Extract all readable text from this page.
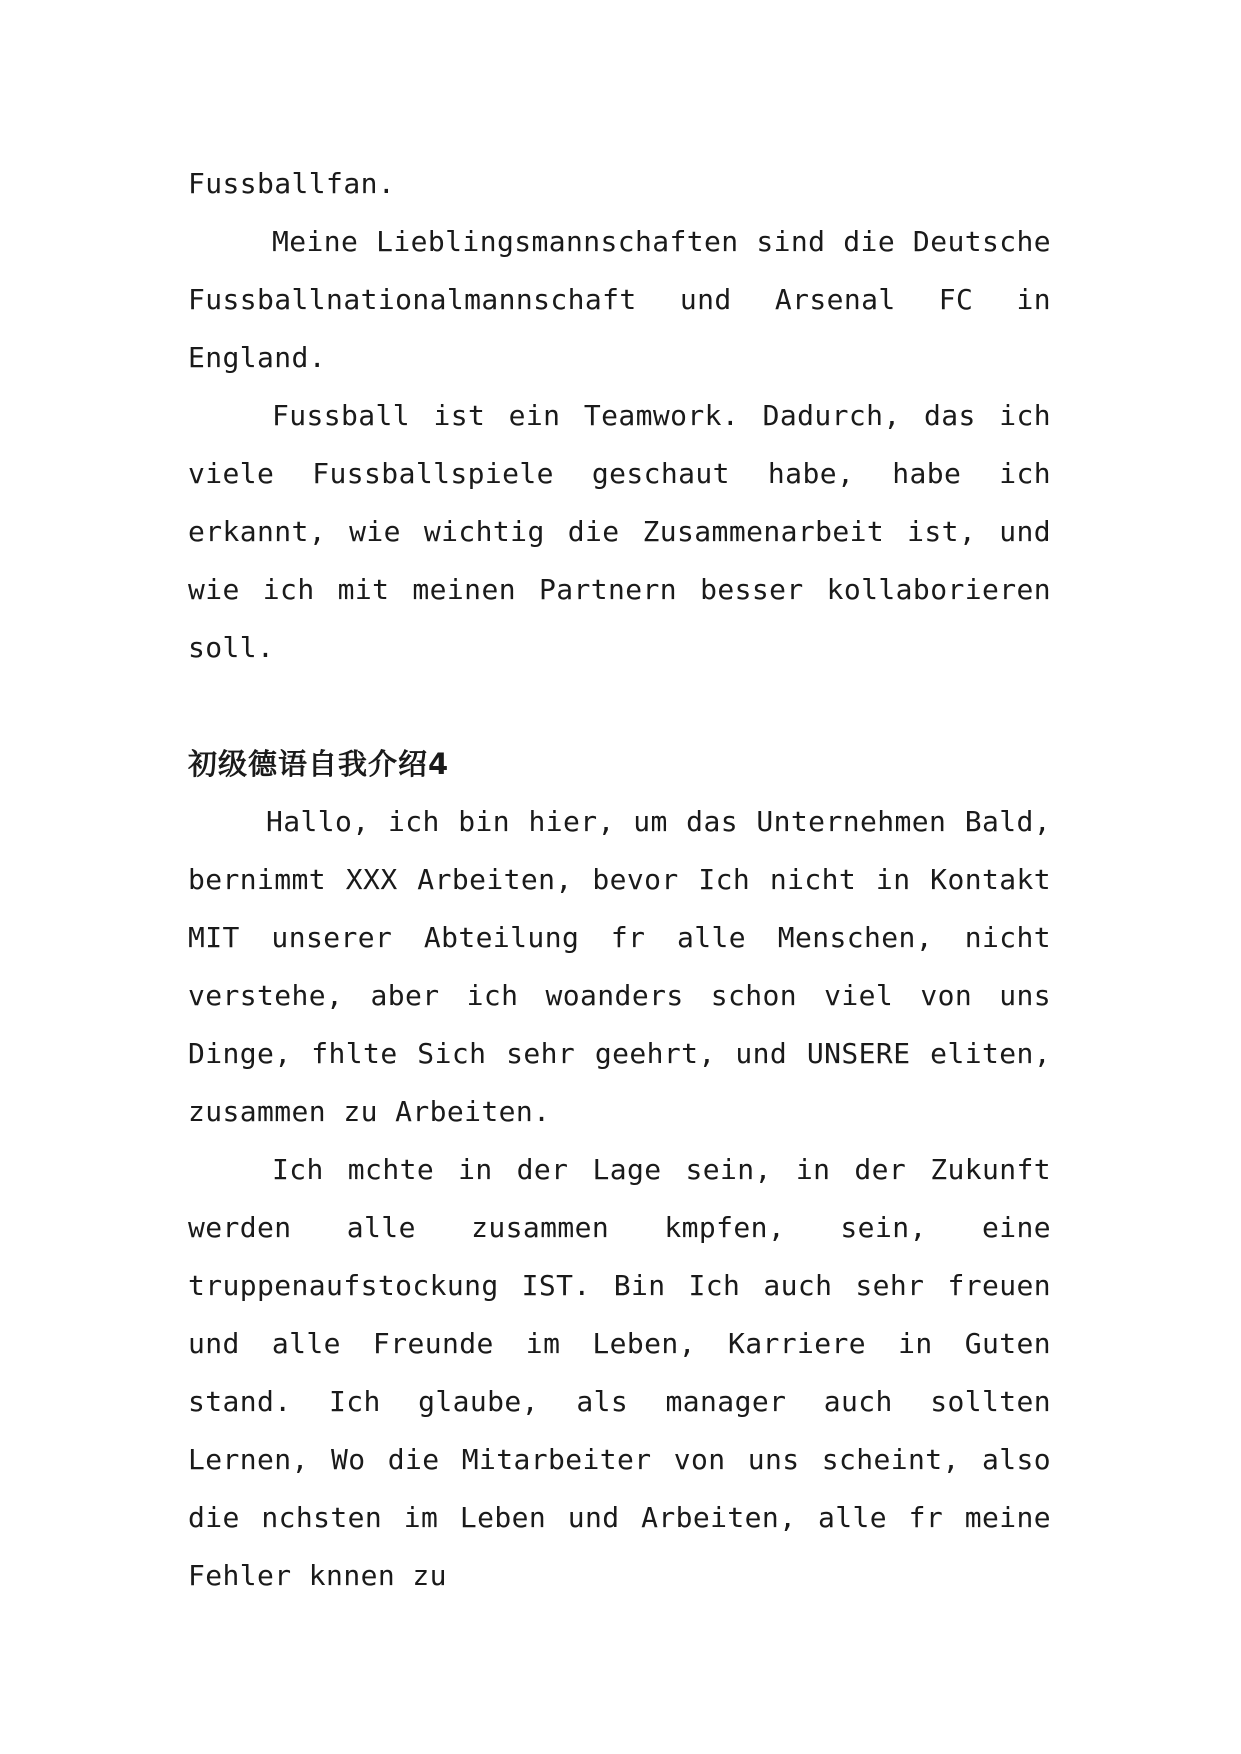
Fussballfan.

Meine Lieblingsmannschaften sind die Deutsche Fussballnationalmannschaft und Arsenal FC in England.

Fussball ist ein Teamwork. Dadurch, das ich viele Fussballspiele geschaut habe, habe ich erkannt, wie wichtig die Zusammenarbeit ist, und wie ich mit meinen Partnern besser kollaborieren soll.

初级德语自我介绍4

Hallo, ich bin hier, um das Unternehmen Bald, bernimmt XXX Arbeiten, bevor Ich nicht in Kontakt MIT unserer Abteilung fr alle Menschen, nicht verstehe, aber ich woanders schon viel von uns Dinge, fhlte Sich sehr geehrt, und UNSERE eliten, zusammen zu Arbeiten.

Ich mchte in der Lage sein, in der Zukunft werden alle zusammen kmpfen, sein, eine truppenaufstockung IST. Bin Ich auch sehr freuen und alle Freunde im Leben, Karriere in Guten stand. Ich glaube, als manager auch sollten Lernen, Wo die Mitarbeiter von uns scheint, also die nchsten im Leben und Arbeiten, alle fr meine Fehler knnen zu
